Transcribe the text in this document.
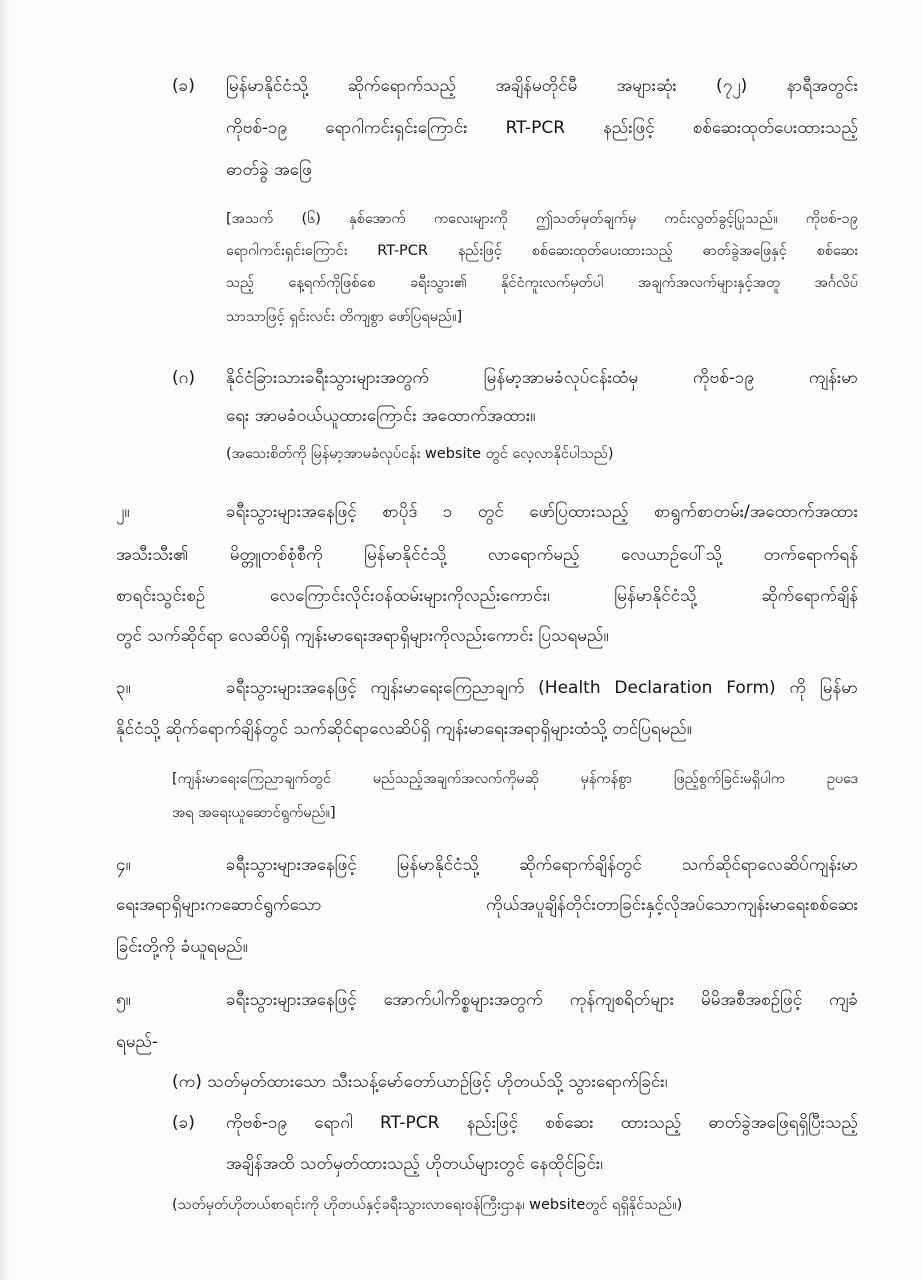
(ခ) မြန်မာနိုင်ငံသို့ ဆိုက်ရောက်သည့် အချိန်မတိုင်မီ အများဆုံး (၇၂) နာရီအတွင်း
ကိုဗစ်-၁၉ ရောဂါကင်းရှင်းကြောင်း RT-PCR နည်းဖြင့် စစ်ဆေးထုတ်ပေးထားသည့်
ဓာတ်ခွဲ အဖြေ
[အသက် (၆) နှစ်အောက် ကလေးများကို ဤသတ်မှတ်ချက်မှ ကင်းလွတ်ခွင့်ပြုသည်။ ကိုဗစ်-၁၉
ရောဂါကင်းရှင်းကြောင်း RT-PCR နည်းဖြင့် စစ်ဆေးထုတ်ပေးထားသည့် ဓာတ်ခွဲအဖြေနှင့် စစ်ဆေး
သည့် နေ့ရက်ကိုဖြစ်စေ ခရီးသွား၏ နိုင်ငံကူးလက်မှတ်ပါ အချက်အလက်များနှင့်အတူ အင်္ဂလိပ်
သာသာဖြင့် ရှင်းလင်း တိကျစွာ ဖော်ပြရမည်။]
(ဂ) နိုင်ငံခြားသားခရီးသွားများအတွက် မြန်မာ့အာမခံလုပ်ငန်းထံမှ ကိုဗစ်-၁၉ ကျန်းမာ
ရေး အာမခံဝယ်ယူထားကြောင်း အထောက်အထား။
(အသေးစိတ်ကို မြန်မာ့အာမခံလုပ်ငန်း website တွင် လေ့လာနိုင်ပါသည်)
၂။	ခရီးသွားများအနေဖြင့် စာပိုဒ် ၁ တွင် ဖော်ပြထားသည့် စာရွက်စာတမ်း/အထောက်အထား
အသီးသီး၏ မိတ္တူတစ်စုံစီကို မြန်မာနိုင်ငံသို့ လာရောက်မည့် လေယာဉ်ပေါ်သို့ တက်ရောက်ရန်
စာရင်းသွင်းစဉ် လေကြောင်းလိုင်းဝန်ထမ်းများကိုလည်းကောင်း၊ မြန်မာနိုင်ငံသို့ ဆိုက်ရောက်ချိန်
တွင် သက်ဆိုင်ရာ လေဆိပ်ရှိ ကျန်းမာရေးအရာရှိများကိုလည်းကောင်း ပြသရမည်။
၃။	ခရီးသွားများအနေဖြင့် ကျန်းမာရေးကြေညာချက် (Health Declaration Form) ကို မြန်မာ
နိုင်ငံသို့ ဆိုက်ရောက်ချိန်တွင် သက်ဆိုင်ရာလေဆိပ်ရှိ ကျန်းမာရေးအရာရှိများထံသို့ တင်ပြရမည်။
[ကျန်းမာရေးကြေညာချက်တွင် မည်သည့်အချက်အလက်ကိုမဆို မှန်ကန်စွာ ဖြည့်စွက်ခြင်းမရှိပါက ဥပဒေ
အရ အရေးယူဆောင်ရွက်မည်။]
၄။	ခရီးသွားများအနေဖြင့် မြန်မာနိုင်ငံသို့ ဆိုက်ရောက်ချိန်တွင် သက်ဆိုင်ရာလေဆိပ်ကျန်းမာ
ရေးအရာရှိများကဆောင်ရွက်သော ကိုယ်အပူချိန်တိုင်းတာခြင်းနှင့်လိုအပ်သောကျန်းမာရေးစစ်ဆေး
ခြင်းတို့ကို ခံယူရမည်။
၅။	ခရီးသွားများအနေဖြင့် အောက်ပါကိစ္စများအတွက် ကုန်ကျစရိတ်များ မိမိအစီအစဉ်ဖြင့် ကျခံ
ရမည်-
(က) သတ်မှတ်ထားသော သီးသန့်မော်တော်ယာဉ်ဖြင့် ဟိုတယ်သို့ သွားရောက်ခြင်း၊
(ခ) ကိုဗစ်-၁၉ ရောဂါ RT-PCR နည်းဖြင့် စစ်ဆေး ထားသည့် ဓာတ်ခွဲအဖြေရရှိပြီးသည့်
အချိန်အထိ သတ်မှတ်ထားသည့် ဟိုတယ်များတွင် နေထိုင်ခြင်း၊
(သတ်မှတ်ဟိုတယ်စာရင်းကို ဟိုတယ်နှင့်ခရီးသွားလာရေးဝန်ကြီးဌာန၊ websiteတွင် ရရှိနိုင်သည်။)
